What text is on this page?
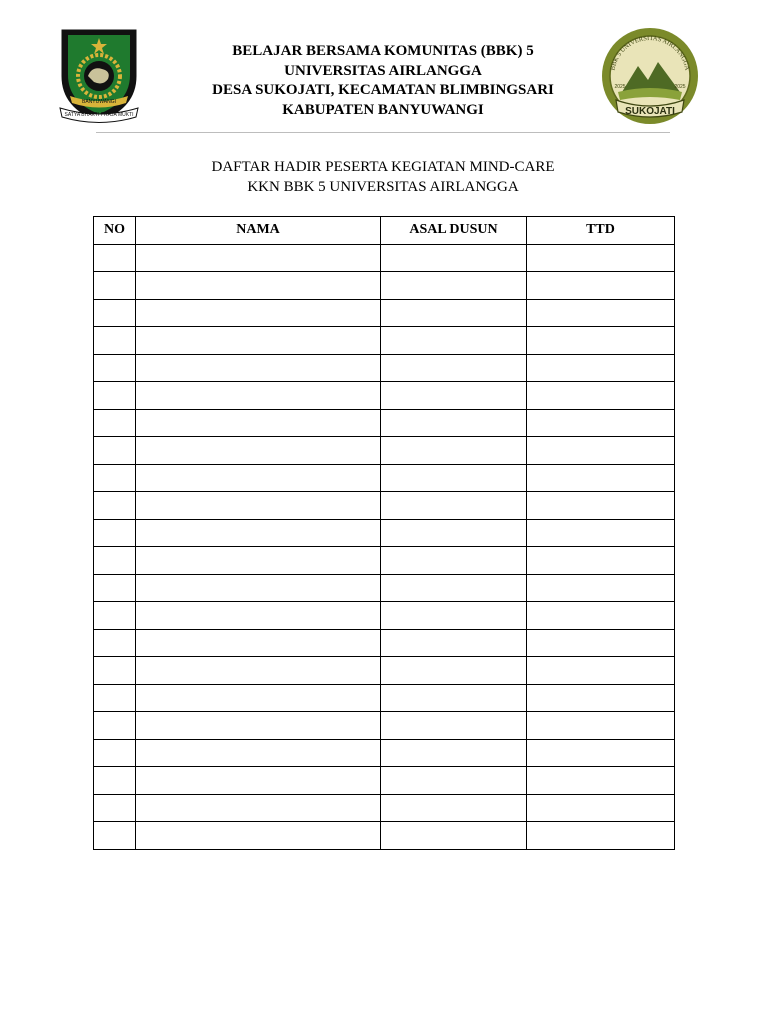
BANYUWANGI
SATYA BHAKTI PRAJA MUKTI
BBK 5 UNIVERSITAS AIRLANGGA
2025	2025
SUKOJATI
BELAJAR BERSAMA KOMUNITAS (BBK) 5
UNIVERSITAS AIRLANGGA
DESA SUKOJATI, KECAMATAN BLIMBINGSARI
KABUPATEN BANYUWANGI
DAFTAR HADIR PESERTA KEGIATAN MIND-CARE
KKN BBK 5 UNIVERSITAS AIRLANGGA
NO	NAMA	ASAL DUSUN	TTD
